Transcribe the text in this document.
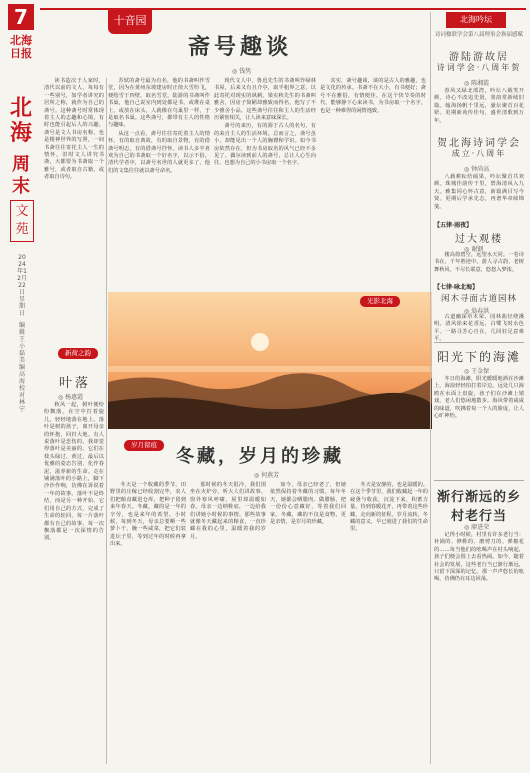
7
北海日报
北海
周末
文苑
2024年12月22日 星期日
编辑 王小磊 美编 高海 校对 林宁
十音园
斋号趣谈
◎ 钱隽

读书造次于人家时，清代以前的文人，每每有一些别号，如学者讲究的居所之称，就作为自己的斋号。这种斋号时常体现着主人的志趣和心境，有时也能引起后人的兴趣。斋号是文人书房名称，也是精神世界的写照，一间书斋往往寄托主人一生的情怀。旧时文人讲究书斋，大都要为书斋取一个雅号，或者取自古籍，或者取自诗句。

苏轼的斋号最为有名，他的书斋叫作雪堂，因为在黄州东坡建房时正值大雪纷飞，便绘雪于四壁，取名雪堂。陆游的书斋叫作书巢，他自己说室内到处都是书，或堆在桌上，或放在床头，人就像在鸟巢里一样，于是取名书巢。这些斋号，都带有主人的性格与趣味。

从这一点看，斋号往往寄托着主人的情怀。有的取自典故，有的取自景物，有的借斋号明志，有的借斋号抒怀。读书人多半喜欢为自己的书斋取一个好名字，以示不俗。清代学者中，以斋号名世的人就更多了，他们的文集往往就以斋号命名。

现代文人中，鲁迅先生的书斋叫作绿林书屋，后来又有且介亭，取半租界之意，以此寄托对现实的讽刺。梁实秋先生的书斋叫雅舍，因房子简陋却雅致而得名，他写了不少雅舍小品。这些斋号往往和主人的生活经历紧密相关，让人读来意味深长。

斋号的来历，有的源于古人的名句，有的来自主人的生活环境。总而言之，斋号虽小，却能见出一个人的胸襟和学识。如今书房依然存在，但为书房取名的风气已经不多见了。偶尔读到前人的斋号，总让人心生向往，也想为自己的小书房取一个名字。

其实，斋号趣谈，谈的是古人的雅趣，也是文化的传承。书斋不在大小，有书便好；斋号不在雅俗，有情便佳。在这个快节奏的时代，能够静下心来读书，为书房取一个名字，也是一种难得的闲情逸致。

新荷之韵
叶落
◎ 杨惠霞

秋风一起，树叶便纷纷飘落，在空中打着旋儿，轻轻地落在地上。落叶是树的孩子，离开母亲的怀抱，回归大地。有人说落叶是悲伤的，我却觉得落叶是美丽的。它们在枝头绿过、黄过，最后以优雅的姿态告别，化作春泥，滋养新的生命。走在铺满落叶的小路上，脚下沙沙作响，仿佛在诉说着一年的故事。落叶不是终结，而是另一种开始。它们用自己的方式，完成了生命的轮回。每一片落叶都有自己的故事，每一次飘落都是一次深情的告别。

光影北海
岁月留痕
冬藏，岁月的珍藏
◎ 何燕芳

冬天是一个收藏的季节。田野里的庄稼已经收割完毕，农人们把粮食藏进仓库，把种子留到来年春天。冬藏，藏的是一年的辛劳，也是来年的希望。小时候，每到冬天，母亲总要晒一些萝卜干、腌一些咸菜，把它们装进坛子里，等到过年的时候再拿出来。

那时候的冬天很冷，我们围坐在火炉旁，听大人们讲故事。窗外寒风呼啸，屋里却温暖如春。母亲一边纳鞋底，一边给我们讲她小时候的事情。那些故事就像冬天藏起来的粮食，一直珍藏在我的心里，温暖着我的岁月。

如今，母亲已经老了，但她依然保持着冬藏的习惯。每年冬天，她都会晒腊肉、做腊肠，把一份份心意藏好，等着我们回家。冬藏，藏的不仅是食物，更是亲情，是岁月的珍藏。

冬天是安静的，也是温暖的。在这个季节里，我们收藏起一年的疲惫与收获，沉淀下来，积蓄力量。待到春暖花开，再带着这些珍藏，走向新的征程。岁月流转，冬藏的意义，早已刻进了我们的生命里。

北海吟坛
诗词楹联学会第八届理事会换届感赋
游陆游故居
诗词学会·八周年贺
◎ 陈湘霞

春风又绿北部湾，吟坛八载笑开颜。诗心不改追先贤，墨韵常新续旧篇。翰海扬帆千里远，骚坛聚首百花妍。更期新苑传佳句，盛世清歌到万年。

贺北海诗词学会
成立·八周年
◎ 钟尚高

八载耕耘结硕果，吟坛聚首共欢颜。珠城佳韵传千里，碧海清风入九天。雅集同心怀古意，新篇满目写今贤。更期后学承先志，再谱华章续锦笺。

【五律·雨夜】
过大观楼
◎ 谢钢

楼高倚碧空，远望水天同。一卷诗书在，千年胜迹中。游人寻古韵，老树舞秋风。不尽长联意，悠悠入梦浓。

【七律·咏北海】
闲木寻面古道园林
◎ 翁春洪

古道幽深草木荣，园林曲径绕溪明。清风徐来花香远，白鹭飞时水色平。一路寻芳心自在，几回驻足意难平。

阳光下的海滩
◎ 王金保

冬日的海滩，阳光暖暖地洒在沙滩上，海浪轻轻拍打着岸边。远处几只海鸥在水面上盘旋，孩子们在沙滩上嬉戏，老人们悠闲地散步。海风带着咸咸的味道，吹拂着每一个人的脸庞，让人心旷神怡。

渐行渐远的乡村老行当
◎ 廖进荣

记得小时候，村里有许多老行当：补锅的、修鞋的、磨剪刀的、弹棉花的……每当他们的吆喝声在村头响起，孩子们便会围上去看热闹。如今，随着社会的发展，这些老行当已渐行渐远，只留下深深的记忆。那一声声悠长的吆喝，仿佛仍在耳边回荡。
